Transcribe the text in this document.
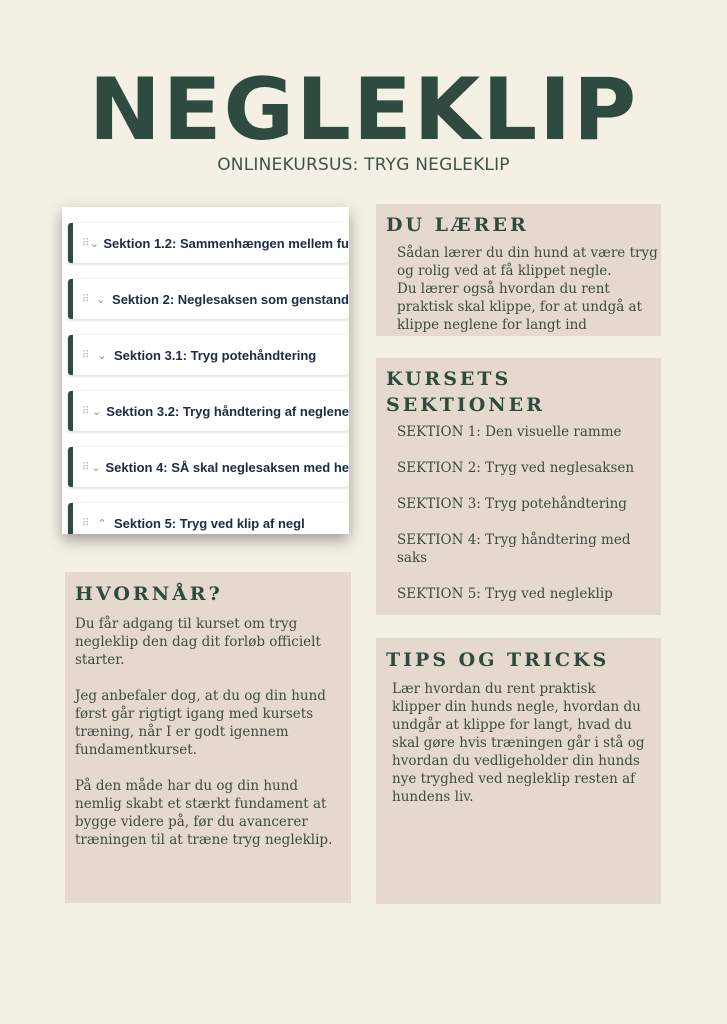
NEGLEKLIP
ONLINEKURSUS: TRYG NEGLEKLIP
⠿ ⌄ Sektion 1.2: Sammenhængen mellem fu
⠿ ⌄ Sektion 2: Neglesaksen som genstand
⠿ ⌄ Sektion 3.1: Tryg potehåndtering
⠿ ⌄ Sektion 3.2: Tryg håndtering af neglene
⠿ ⌄ Sektion 4: SÅ skal neglesaksen med he
⠿ ⌃ Sektion 5: Tryg ved klip af negl
DU LÆRER

Sådan lærer du din hund at være tryg

og rolig ved at få klippet negle.

Du lærer også hvordan du rent

praktisk skal klippe, for at undgå at

klippe neglene for langt ind

KURSETS
SEKTIONER

SEKTION 1: Den visuelle ramme

SEKTION 2: Tryg ved neglesaksen

SEKTION 3: Tryg potehåndtering

SEKTION 4: Tryg håndtering med saks

SEKTION 5: Tryg ved negleklip

HVORNÅR?

Du får adgang til kurset om tryg

negleklip den dag dit forløb officielt

starter.

Jeg anbefaler dog, at du og din hund

først går rigtigt igang med kursets

træning, når I er godt igennem

fundamentkurset.

På den måde har du og din hund

nemlig skabt et stærkt fundament at

bygge videre på, før du avancerer

træningen til at træne tryg negleklip.

TIPS OG TRICKS

Lær hvordan du rent praktisk

klipper din hunds negle, hvordan du

undgår at klippe for langt, hvad du

skal gøre hvis træningen går i stå og

hvordan du vedligeholder din hunds

nye tryghed ved negleklip resten af

hundens liv.
